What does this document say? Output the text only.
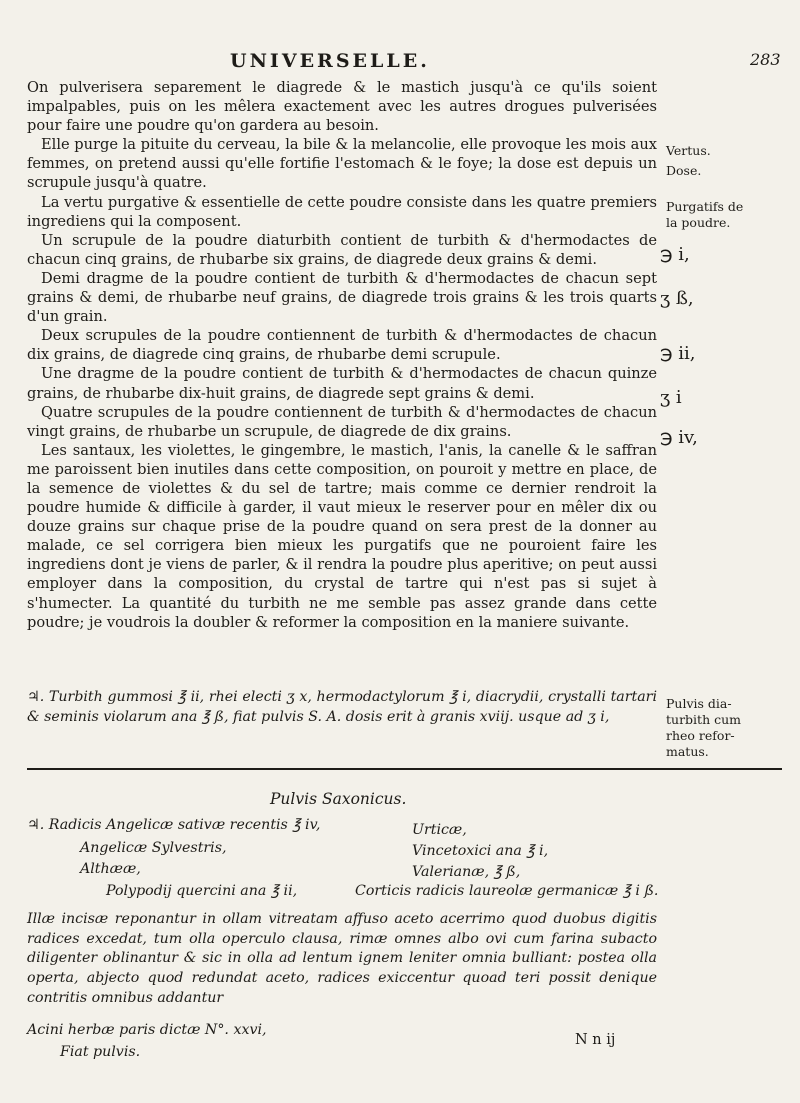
UNIVERSELLE.	283

On pulverisera separement le diagrede & le mastich jusqu'à ce qu'ils soient impalpables, puis on les mêlera exactement avec les autres drogues pulverisées pour faire une poudre qu'on gardera au besoin.

Elle purge la pituite du cerveau, la bile & la melancolie, elle provoque les mois aux femmes, on pretend aussi qu'elle fortifie l'estomach & le foye; la dose est depuis un scrupule jusqu'à quatre.

La vertu purgative & essentielle de cette poudre consiste dans les quatre premiers ingrediens qui la composent.

Un scrupule de la poudre diaturbith contient de turbith & d'hermodactes de chacun cinq grains, de rhubarbe six grains, de diagrede deux grains & demi.

Demi dragme de la poudre contient de turbith & d'hermodactes de chacun sept grains & demi, de rhubarbe neuf grains, de diagrede trois grains & les trois quarts d'un grain.

Deux scrupules de la poudre contiennent de turbith & d'hermodactes de chacun dix grains, de diagrede cinq grains, de rhubarbe demi scrupule.

Une dragme de la poudre contient de turbith & d'hermodactes de chacun quinze grains, de rhubarbe dix-huit grains, de diagrede sept grains & demi.

Quatre scrupules de la poudre contiennent de turbith & d'hermodactes de chacun vingt grains, de rhubarbe un scrupule, de diagrede de dix grains.

Les santaux, les violettes, le gingembre, le mastich, l'anis, la canelle & le saffran me paroissent bien inutiles dans cette composition, on pouroit y mettre en place, de la semence de violettes & du sel de tartre; mais comme ce dernier rendroit la poudre humide & difficile à garder, il vaut mieux le reserver pour en mêler dix ou douze grains sur chaque prise de la poudre quand on sera prest de la donner au malade, ce sel corrigera bien mieux les purgatifs que ne pouroient faire les ingrediens dont je viens de parler, & il rendra la poudre plus aperitive; on peut aussi employer dans la composition, du crystal de tartre qui n'est pas si sujet à s'humecter. La quantité du turbith ne me semble pas assez grande dans cette poudre; je voudrois la doubler & reformer la composition en la maniere suivante.

♃. Turbith gummosi ℥ ii, rhei electi ʒ x, hermodactylorum ℥ i, diacrydii, crystalli tartari & seminis violarum ana ℥ ß, fiat pulvis S. A. dosis erit à granis xviij. usque ad ʒ i,
Vertus.
Dose.
Purgatifs de
la poudre.
Pulvis dia-
turbith cum
rheo refor-
matus.
℈ i,
ʒ ß,
℈ ii,
ʒ i
℈ iv,
Pulvis Saxonicus.
♃. Radicis Angelicæ sativæ recentis ℥ iv,
Angelicæ Sylvestris,
Althææ,
Polypodij quercini ana ℥ ii,
Urticæ,
Vincetoxici ana ℥ i,
Valerianæ, ℥ ß,
Corticis radicis laureolæ germanicæ ℥ i ß.

Illæ incisæ reponantur in ollam vitreatam affuso aceto acerrimo quod duobus digitis radices excedat, tum olla operculo clausa, rimæ omnes albo ovi cum farina subacto diligenter oblinantur & sic in olla ad lentum ignem leniter omnia bulliant: postea olla operta, abjecto quod redundat aceto, radices exiccentur quoad teri possit denique contritis omnibus addantur

Acini herbæ paris dictæ N°. xxvi,
Fiat pulvis.
N n ij
